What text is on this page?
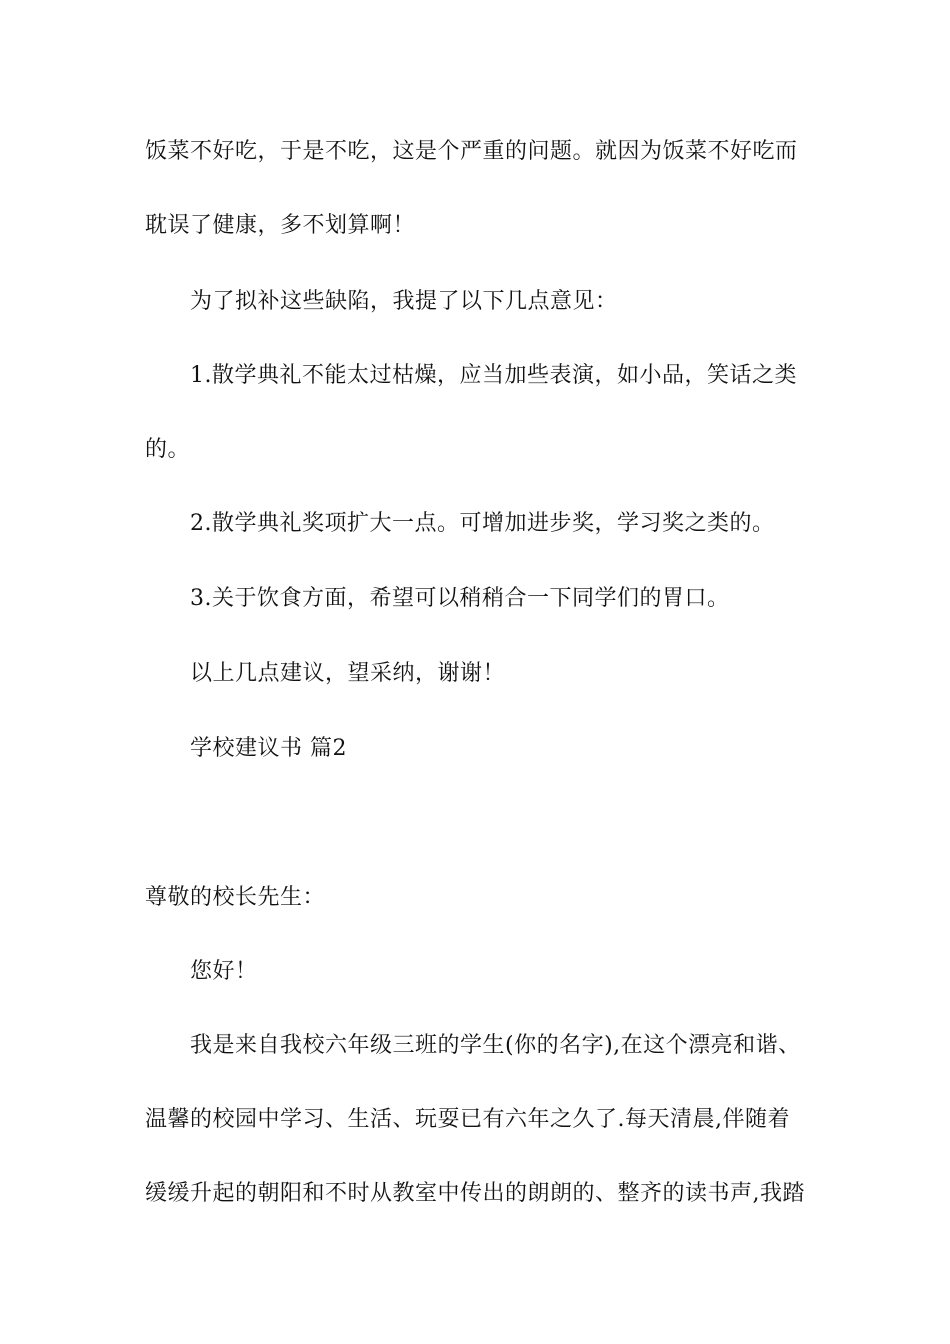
饭菜不好吃，于是不吃，这是个严重的问题。就因为饭菜不好吃而

耽误了健康，多不划算啊！

为了拟补这些缺陷，我提了以下几点意见：

1.散学典礼不能太过枯燥，应当加些表演，如小品，笑话之类

的。

2.散学典礼奖项扩大一点。可增加进步奖，学习奖之类的。

3.关于饮食方面，希望可以稍稍合一下同学们的胃口。

以上几点建议，望采纳，谢谢！

学校建议书 篇2

尊敬的校长先生：

您好！

我是来自我校六年级三班的学生(你的名字),在这个漂亮和谐、

温馨的校园中学习、生活、玩耍已有六年之久了.每天清晨,伴随着

缓缓升起的朝阳和不时从教室中传出的朗朗的、整齐的读书声,我踏
